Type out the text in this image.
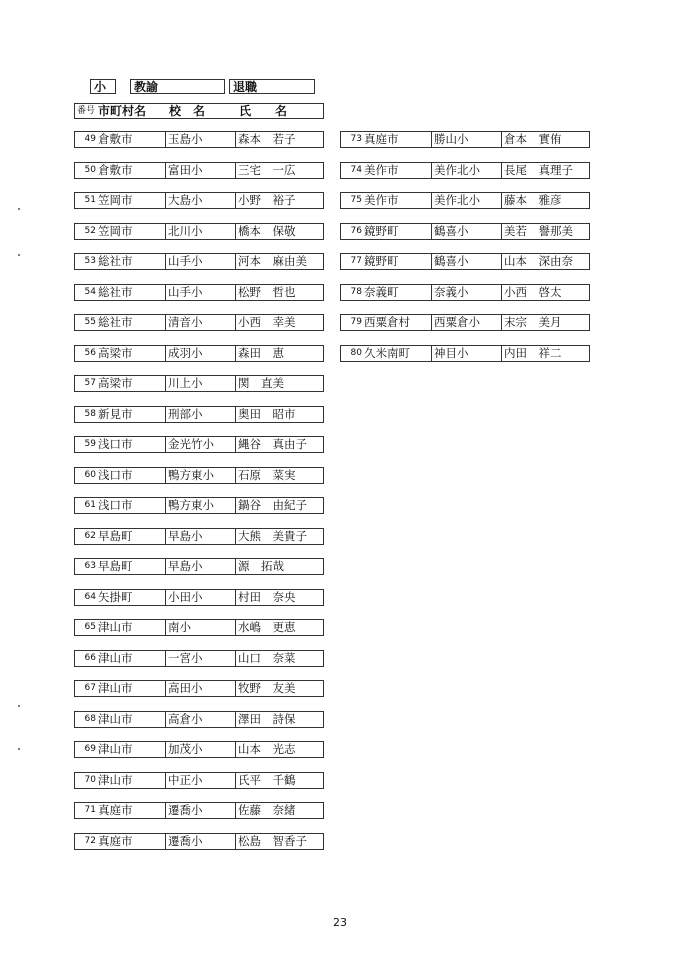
小	教諭	退職
番号 市町村名 校　名	氏　　名
49 倉敷市	玉島小	森本　若子
50 倉敷市	富田小	三宅　一広
51 笠岡市	大島小	小野　裕子
52 笠岡市	北川小	橋本　保敬
53 総社市	山手小	河本　麻由美
54 総社市	山手小	松野　哲也
55 総社市	清音小	小西　幸美
56 高梁市	成羽小	森田　恵
57 高梁市	川上小	関　直美
58 新見市	刑部小	奥田　昭市
59 浅口市	金光竹小 縄谷　真由子
60 浅口市	鴨方東小 石原　菜実
61 浅口市	鴨方東小 鍋谷　由紀子
62 早島町	早島小	大熊　美貴子
63 早島町	早島小	源　拓哉
64 矢掛町	小田小	村田　奈央
65 津山市	南小	水嶋　更恵
66 津山市	一宮小	山口　奈菜
67 津山市	高田小	牧野　友美
68 津山市	高倉小	澤田　詩保
69 津山市	加茂小	山本　光志
70 津山市	中正小	氏平　千鶴
71 真庭市	遷喬小	佐藤　奈緒
72 真庭市	遷喬小	松島　智香子
73 真庭市	勝山小	倉本　實侑
74 美作市	美作北小 長尾　真理子
75 美作市	美作北小 藤本　雅彦
76 鏡野町	鶴喜小	美若　譽那美
77 鏡野町	鶴喜小	山本　深由奈
78 奈義町	奈義小	小西　啓太
79 西粟倉村 西粟倉小 末宗　美月
80 久米南町 神目小	内田　祥二
23
